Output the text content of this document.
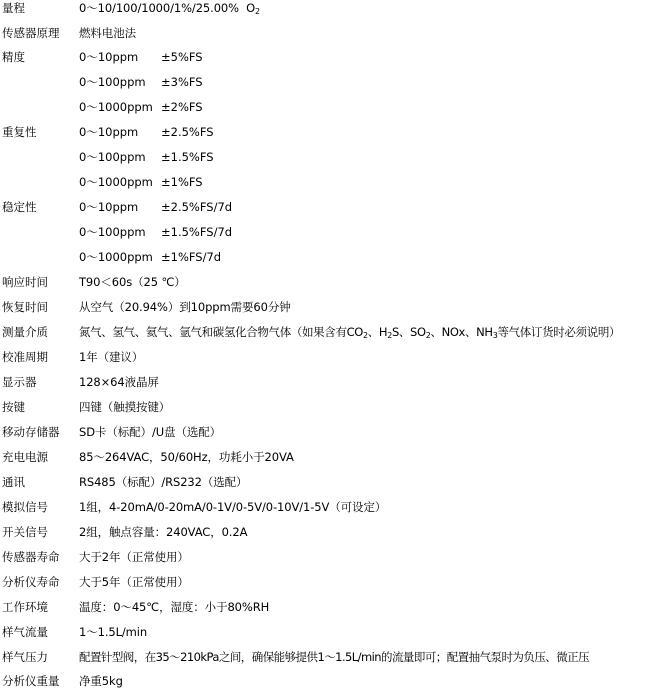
量程	0～10/100/1000/1%/25.00% $O_2$
传感器原理	燃料电池法
精度	0～10ppm ±5%FS
0～100ppm ±3%FS
0～1000ppm ±2%FS
重复性	0～10ppm ±2.5%FS
0～100ppm ±1.5%FS
0～1000ppm ±1%FS
稳定性	0～10ppm ±2.5%FS/7d
0～100ppm ±1.5%FS/7d
0～1000ppm ±1%FS/7d
响应时间	T90＜60s（25 ℃）
恢复时间	从空气（20.94%）到10ppm需要60分钟
测量介质	氮气、氢气、氦气、氩气和碳氢化合物气体（如果含有$CO_2$、$H_2S$、$SO_2$、NOx、$NH_3$等气体订货时必须说明）
校准周期	1年（建议）
显示器	128×64液晶屏
按键	四键（触摸按键）
移动存储器	SD卡（标配）/U盘（选配）
充电电源	85～264VAC，50/60Hz，功耗小于20VA
通讯	RS485（标配）/RS232（选配）
模拟信号	1组，4-20mA/0-20mA/0-1V/0-5V/0-10V/1-5V（可设定）
开关信号	2组，触点容量：240VAC，0.2A
传感器寿命	大于2年（正常使用）
分析仪寿命	大于5年（正常使用）
工作环境	温度：0～45℃，湿度：小于80%RH
样气流量	1～1.5L/min
样气压力	配置针型阀，在35～210kPa之间，确保能够提供1～1.5L/min的流量即可；配置抽气泵时为负压、微正压
分析仪重量	净重5kg
